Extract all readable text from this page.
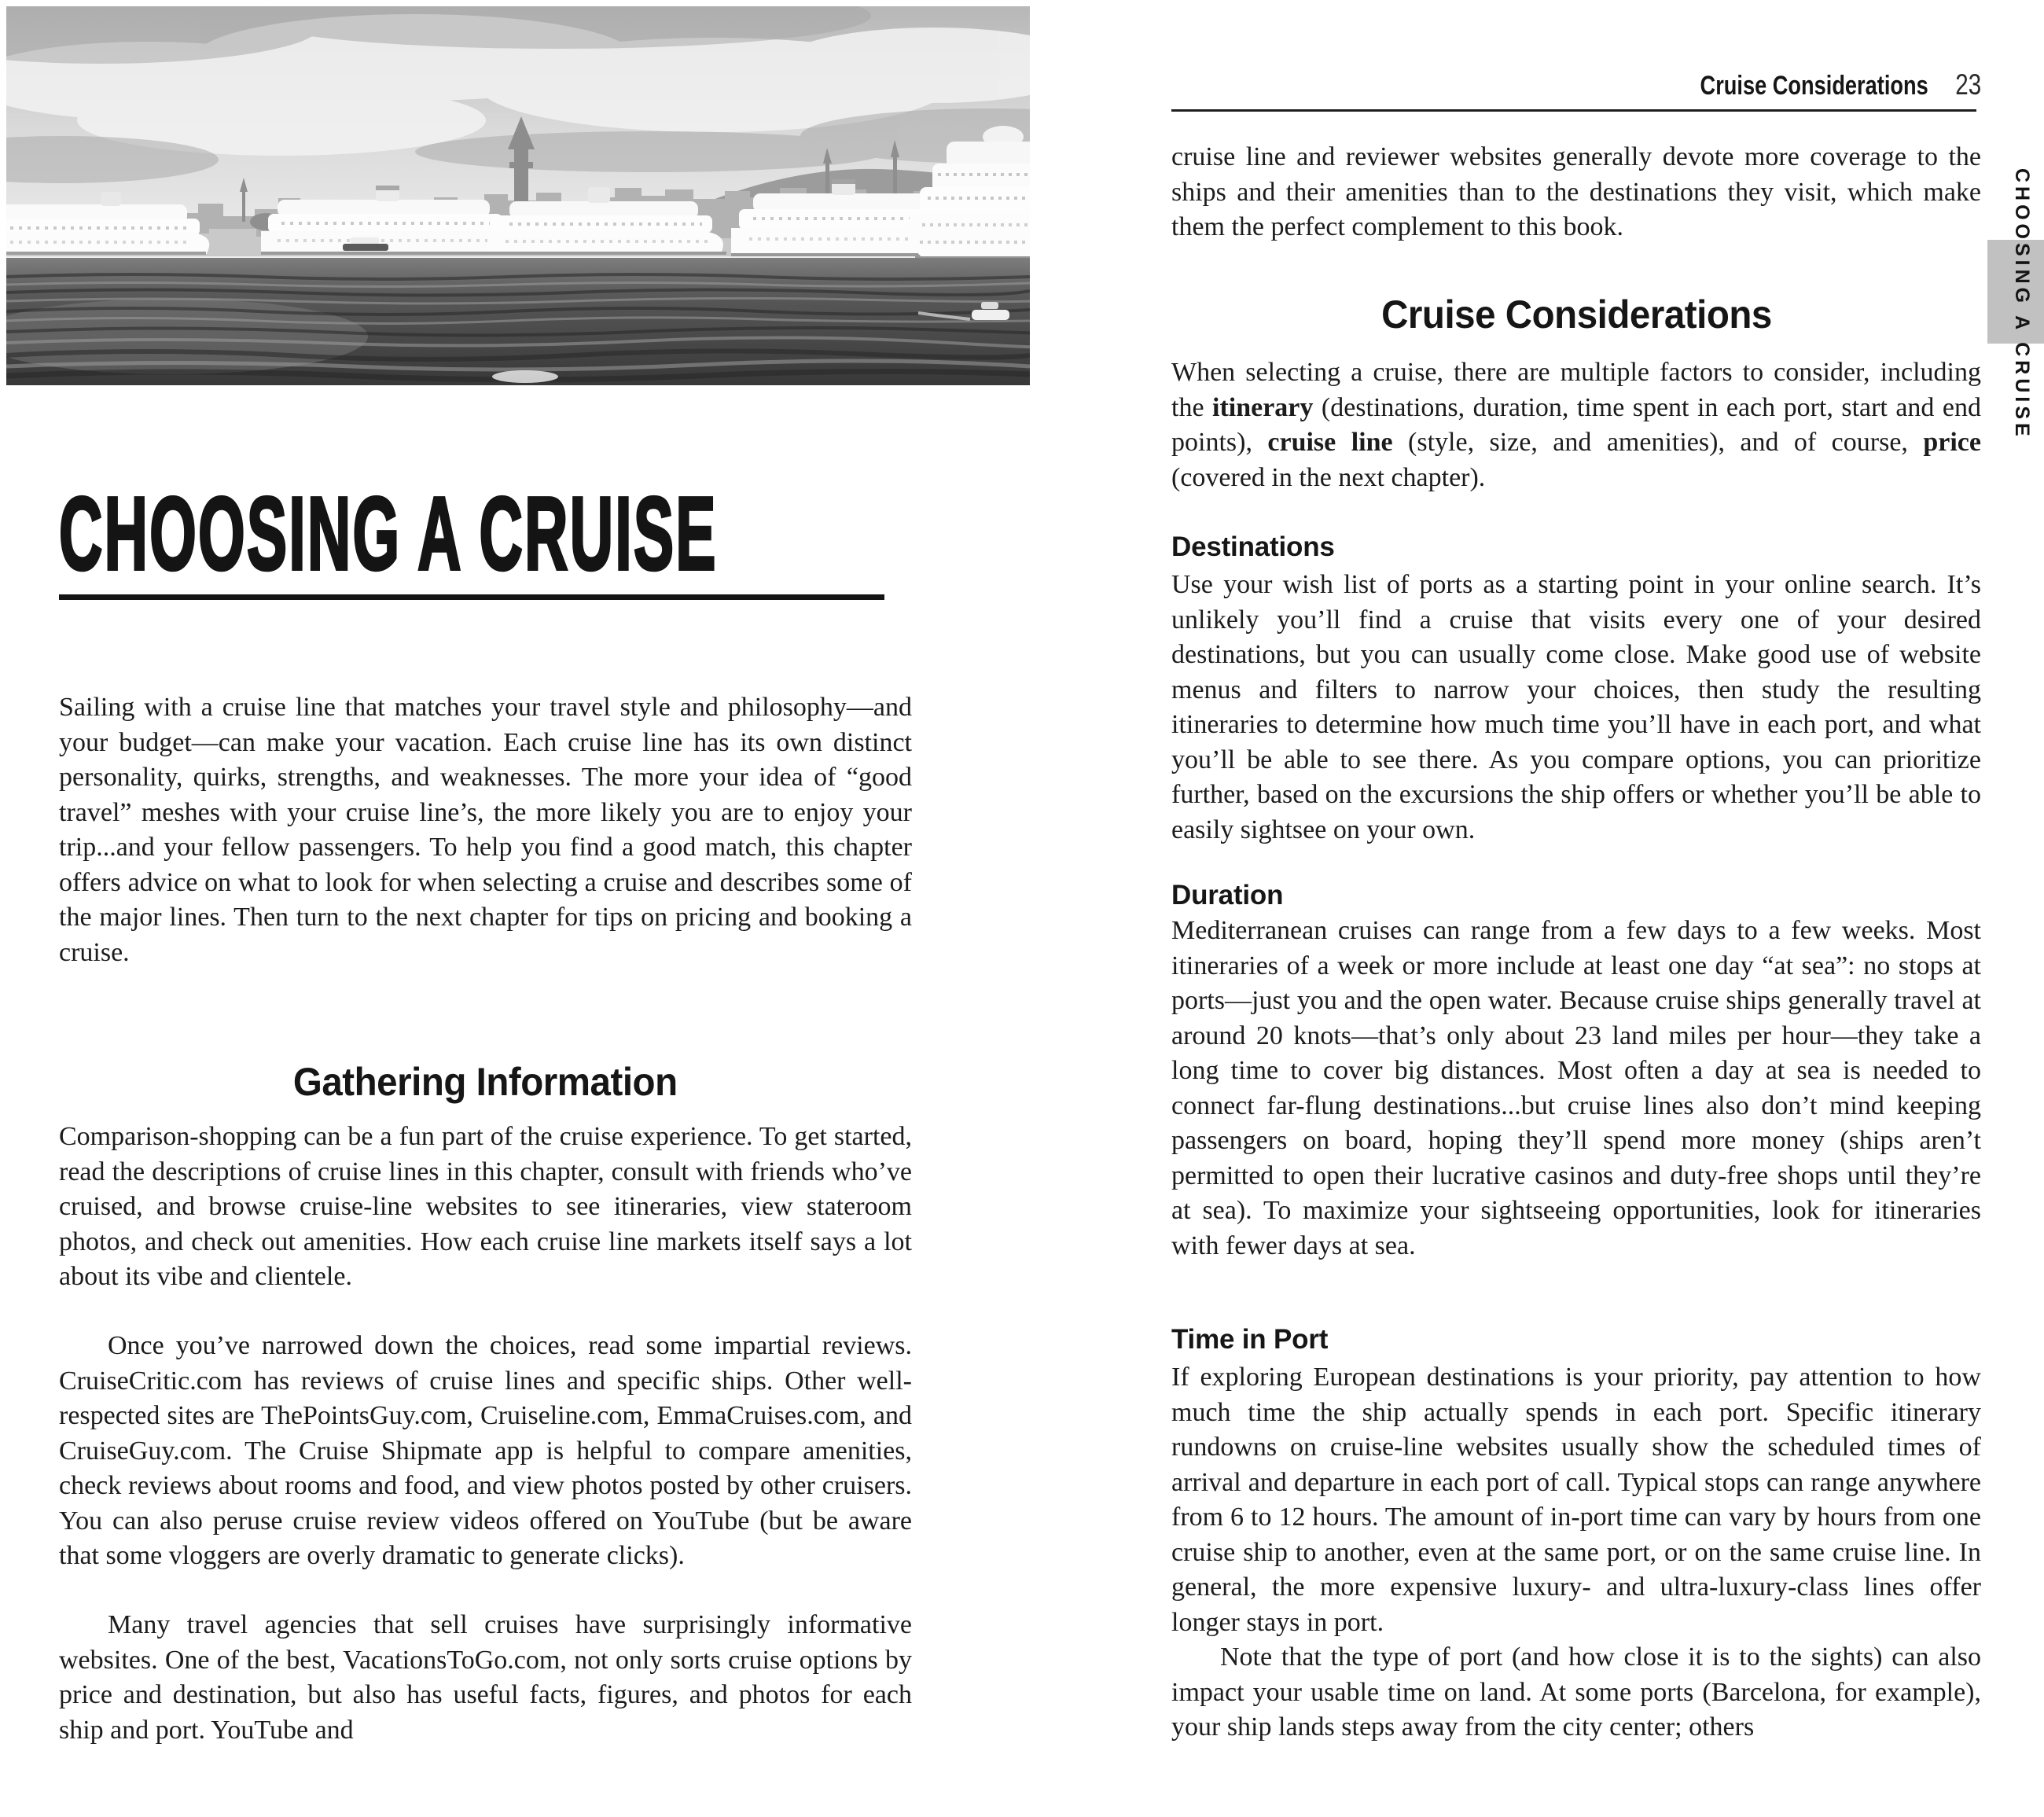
CHOOSING A CRUISE

Sailing with a cruise line that matches your travel style and philosophy—and your budget—can make your vacation. Each cruise line has its own distinct personality, quirks, strengths, and weaknesses. The more your idea of “good travel” meshes with your cruise line’s, the more likely you are to enjoy your trip...and your fellow passengers. To help you find a good match, this chapter offers advice on what to look for when selecting a cruise and describes some of the major lines. Then turn to the next chapter for tips on pricing and booking a cruise.

Gathering Information

Comparison-shopping can be a fun part of the cruise experience. To get started, read the descriptions of cruise lines in this chapter, consult with friends who’ve cruised, and browse cruise-line websites to see itineraries, view stateroom photos, and check out amenities. How each cruise line markets itself says a lot about its vibe and clientele.

Once you’ve narrowed down the choices, read some impartial reviews. CruiseCritic.com has reviews of cruise lines and specific ships. Other well-respected sites are ThePointsGuy.com, Cruiseline.com, EmmaCruises.com, and CruiseGuy.com. The Cruise Shipmate app is helpful to compare amenities, check reviews about rooms and food, and view photos posted by other cruisers. You can also peruse cruise review videos offered on YouTube (but be aware that some vloggers are overly dramatic to generate clicks).

Many travel agencies that sell cruises have surprisingly informative websites. One of the best, VacationsToGo.com, not only sorts cruise options by price and destination, but also has useful facts, figures, and photos for each ship and port. YouTube and

Cruise Considerations 23

cruise line and reviewer websites generally devote more coverage to the ships and their amenities than to the destinations they visit, which make them the perfect complement to this book.

Cruise Considerations

When selecting a cruise, there are multiple factors to consider, including the itinerary (destinations, duration, time spent in each port, start and end points), cruise line (style, size, and amenities), and of course, price (covered in the next chapter).

Destinations

Use your wish list of ports as a starting point in your online search. It’s unlikely you’ll find a cruise that visits every one of your desired destinations, but you can usually come close. Make good use of website menus and filters to narrow your choices, then study the resulting itineraries to determine how much time you’ll have in each port, and what you’ll be able to see there. As you compare options, you can prioritize further, based on the excursions the ship offers or whether you’ll be able to easily sightsee on your own.

Duration

Mediterranean cruises can range from a few days to a few weeks. Most itineraries of a week or more include at least one day “at sea”: no stops at ports—just you and the open water. Because cruise ships generally travel at around 20 knots—that’s only about 23 land miles per hour—they take a long time to cover big distances. Most often a day at sea is needed to connect far-flung destinations...but cruise lines also don’t mind keeping passengers on board, hoping they’ll spend more money (ships aren’t permitted to open their lucrative casinos and duty-free shops until they’re at sea). To maximize your sightseeing opportunities, look for itineraries with fewer days at sea.

Time in Port

If exploring European destinations is your priority, pay attention to how much time the ship actually spends in each port. Specific itinerary rundowns on cruise-line websites usually show the scheduled times of arrival and departure in each port of call. Typical stops can range anywhere from 6 to 12 hours. The amount of in-port time can vary by hours from one cruise ship to another, even at the same port, or on the same cruise line. In general, the more expensive luxury- and ultra-luxury-class lines offer longer stays in port.

Note that the type of port (and how close it is to the sights) can also impact your usable time on land. At some ports (Barcelona, for example), your ship lands steps away from the city center; others

CHOOSING A CRUISE
